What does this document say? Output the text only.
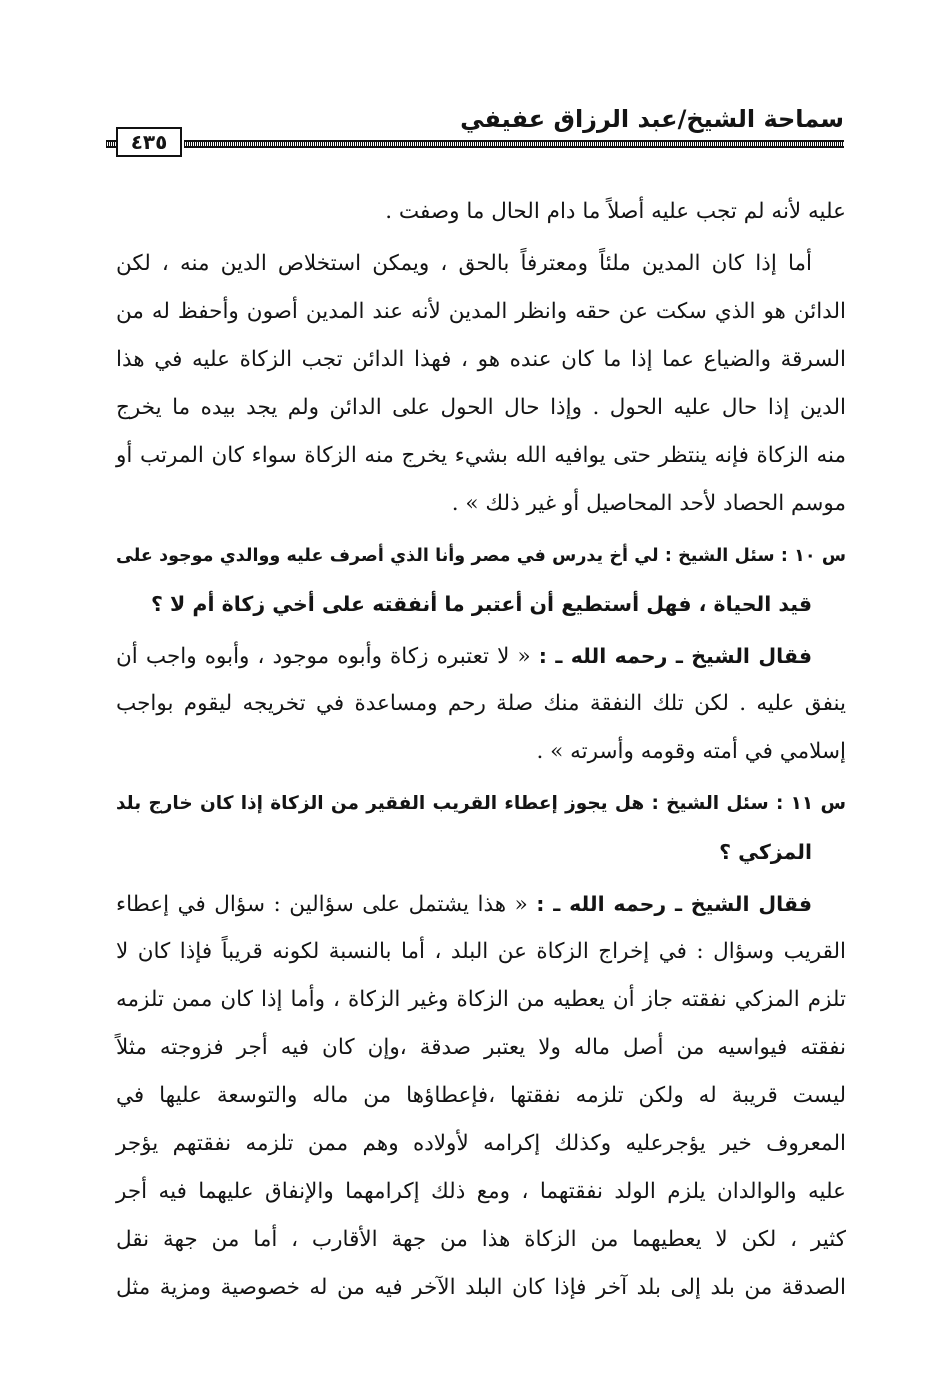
سماحة الشيخ/عبد الرزاق عفيفي
٤٣٥
عليه لأنه لم تجب عليه أصلاً ما دام الحال ما وصفت .
أما إذا كان المدين ملئاً ومعترفاً بالحق ، ويمكن استخلاص الدين منه ، لكن
الدائن هو الذي سكت عن حقه وانظر المدين لأنه عند المدين أصون وأحفظ له من
السرقة والضياع عما إذا ما كان عنده هو ، فهذا الدائن تجب الزكاة عليه في هذا
الدين إذا حال عليه الحول . وإذا حال الحول على الدائن ولم يجد بيده ما يخرج
منه الزكاة فإنه ينتظر حتى يوافيه الله بشيء يخرج منه الزكاة سواء كان المرتب أو
موسم الحصاد لأحد المحاصيل أو غير ذلك » .
س ١٠ : سئل الشيخ : لي أخ يدرس في مصر وأنا الذي أصرف عليه ووالدي موجود على
قيد الحياة ، فهل أستطيع أن أعتبر ما أنفقته على أخي زكاة أم لا ؟
فقال الشيخ ـ رحمه الله ـ : « لا تعتبره زكاة وأبوه موجود ، وأبوه واجب أن
ينفق عليه . لكن تلك النفقة منك صلة رحم ومساعدة في تخريجه ليقوم بواجب
إسلامي في أمته وقومه وأسرته » .
س ١١ : سئل الشيخ : هل يجوز إعطاء القريب الفقير من الزكاة إذا كان خارج بلد
المزكي ؟
فقال الشيخ ـ رحمه الله ـ : « هذا يشتمل على سؤالين : سؤال في إعطاء
القريب وسؤال : في إخراج الزكاة عن البلد ، أما بالنسبة لكونه قريباً فإذا كان لا
تلزم المزكي نفقته جاز أن يعطيه من الزكاة وغير الزكاة ، وأما إذا كان ممن تلزمه
نفقته فيواسيه من أصل ماله ولا يعتبر صدقة ،وإن كان فيه أجر فزوجته مثلاً
ليست قريبة له ولكن تلزمه نفقتها ،فإعطاؤها من ماله والتوسعة عليها في
المعروف خير يؤجرعليه وكذلك إكرامه لأولاده وهم ممن تلزمه نفقتهم يؤجر
عليه والوالدان يلزم الولد نفقتهما ، ومع ذلك إكرامهما والإنفاق عليهما فيه أجر
كثير ، لكن لا يعطيهما من الزكاة هذا من جهة الأقارب ، أما من جهة نقل
الصدقة من بلد إلى بلد آخر فإذا كان البلد الآخر فيه من له خصوصية ومزية مثل
